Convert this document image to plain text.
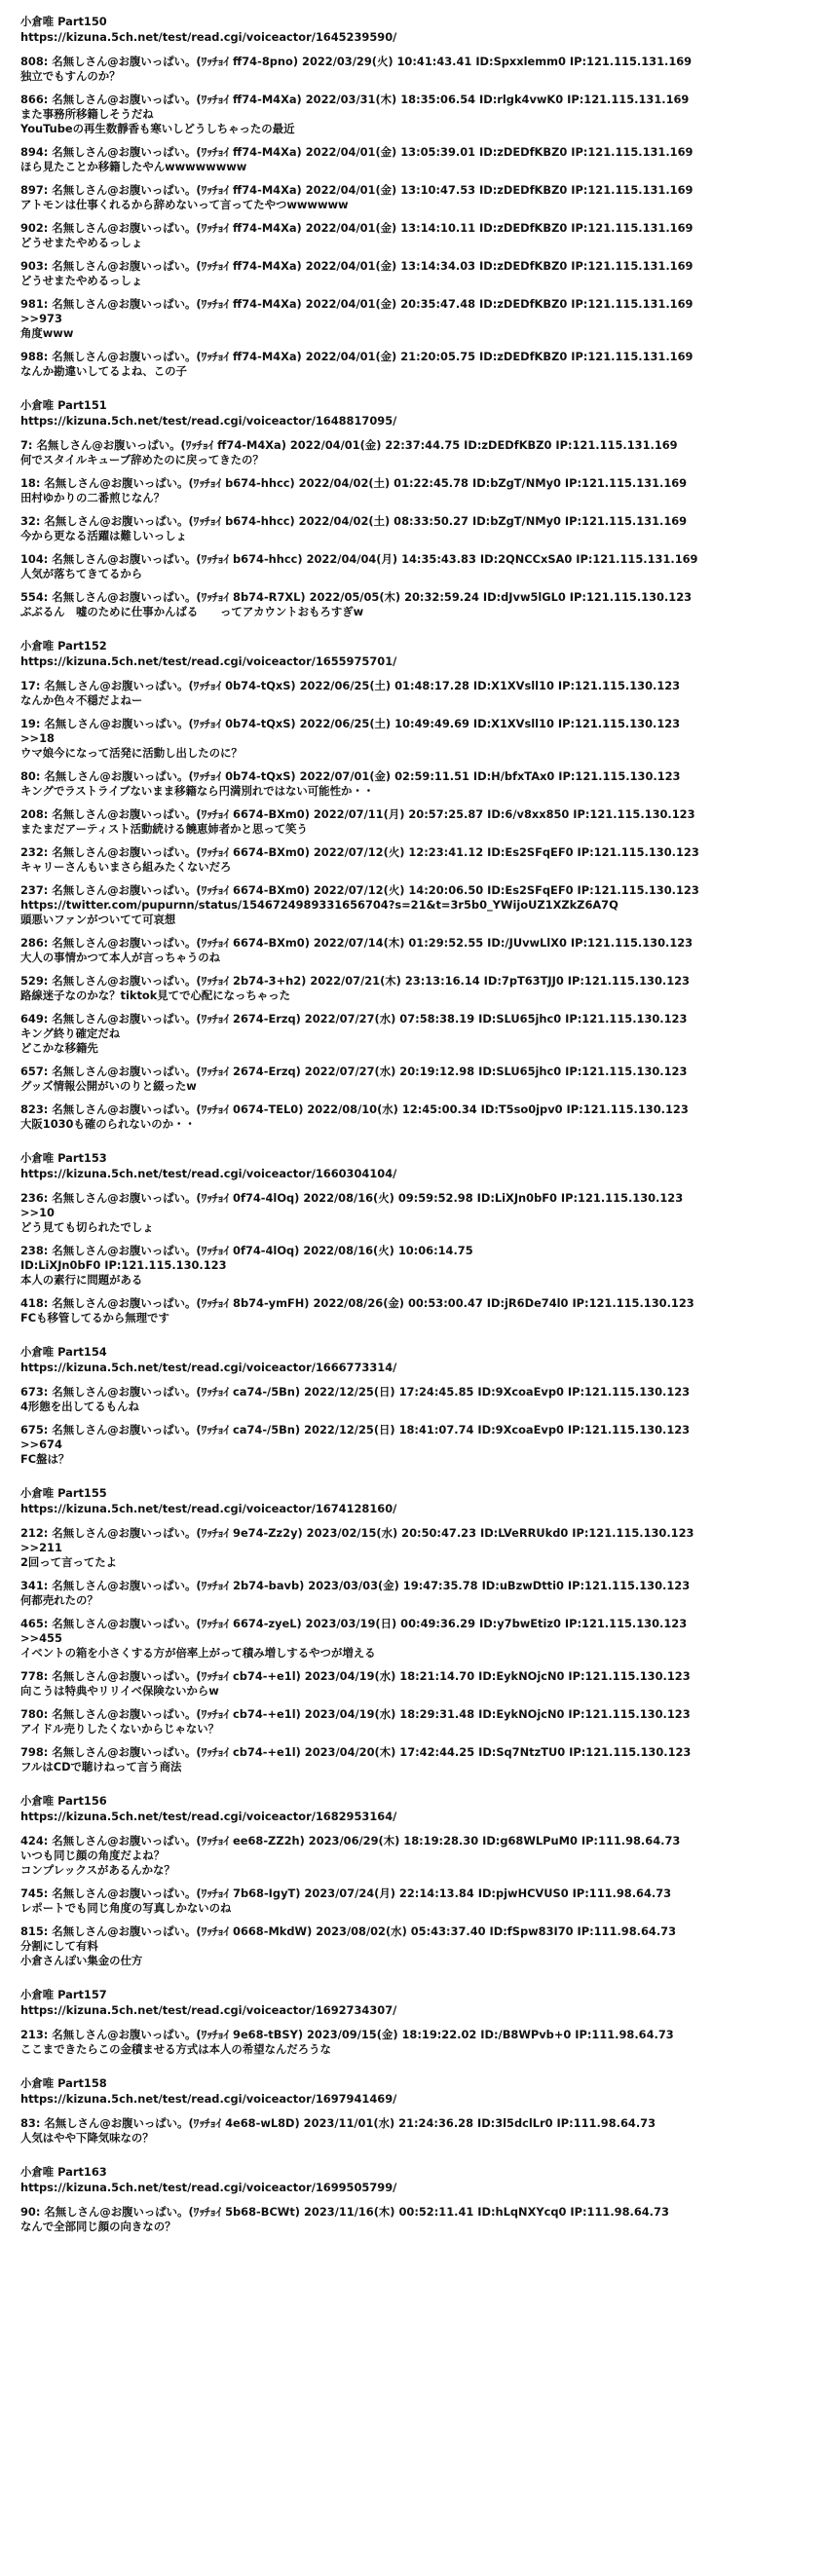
小倉唯 Part150
https://kizuna.5ch.net/test/read.cgi/voiceactor/1645239590/
808: 名無しさん@お腹いっぱい。(ﾜｯﾁｮｲ ff74-8pno) 2022/03/29(火) 10:41:43.41 ID:Spxxlemm0 IP:121.115.131.169
独立でもすんのか？
866: 名無しさん@お腹いっぱい。(ﾜｯﾁｮｲ ff74-M4Xa) 2022/03/31(木) 18:35:06.54 ID:rlgk4vwK0 IP:121.115.131.169
また事務所移籍しそうだね
YouTubeの再生数靜香も寒いしどうしちゃったの最近
894: 名無しさん@お腹いっぱい。(ﾜｯﾁｮｲ ff74-M4Xa) 2022/04/01(金) 13:05:39.01 ID:zDEDfKBZ0 IP:121.115.131.169
ほら見たことか移籍したやんwwwwwwww
897: 名無しさん@お腹いっぱい。(ﾜｯﾁｮｲ ff74-M4Xa) 2022/04/01(金) 13:10:47.53 ID:zDEDfKBZ0 IP:121.115.131.169
アトモンは仕事くれるから辞めないって言ってたやつwwwwww
902: 名無しさん@お腹いっぱい。(ﾜｯﾁｮｲ ff74-M4Xa) 2022/04/01(金) 13:14:10.11 ID:zDEDfKBZ0 IP:121.115.131.169
どうせまたやめるっしょ
903: 名無しさん@お腹いっぱい。(ﾜｯﾁｮｲ ff74-M4Xa) 2022/04/01(金) 13:14:34.03 ID:zDEDfKBZ0 IP:121.115.131.169
どうせまたやめるっしょ
981: 名無しさん@お腹いっぱい。(ﾜｯﾁｮｲ ff74-M4Xa) 2022/04/01(金) 20:35:47.48 ID:zDEDfKBZ0 IP:121.115.131.169
>>973
角度www
988: 名無しさん@お腹いっぱい。(ﾜｯﾁｮｲ ff74-M4Xa) 2022/04/01(金) 21:20:05.75 ID:zDEDfKBZ0 IP:121.115.131.169
なんか勘違いしてるよね、この子
小倉唯 Part151
https://kizuna.5ch.net/test/read.cgi/voiceactor/1648817095/
7: 名無しさん@お腹いっぱい。(ﾜｯﾁｮｲ ff74-M4Xa) 2022/04/01(金) 22:37:44.75 ID:zDEDfKBZ0 IP:121.115.131.169
何でスタイルキューブ辞めたのに戻ってきたの？
18: 名無しさん@お腹いっぱい。(ﾜｯﾁｮｲ b674-hhcc) 2022/04/02(土) 01:22:45.78 ID:bZgT/NMy0 IP:121.115.131.169
田村ゆかりの二番煎じなん？
32: 名無しさん@お腹いっぱい。(ﾜｯﾁｮｲ b674-hhcc) 2022/04/02(土) 08:33:50.27 ID:bZgT/NMy0 IP:121.115.131.169
今から更なる活躍は難しいっしょ
104: 名無しさん@お腹いっぱい。(ﾜｯﾁｮｲ b674-hhcc) 2022/04/04(月) 14:35:43.83 ID:2QNCCxSA0 IP:121.115.131.169
人気が落ちてきてるから
554: 名無しさん@お腹いっぱい。(ﾜｯﾁｮｲ 8b74-R7XL) 2022/05/05(木) 20:32:59.24 ID:dJvw5lGL0 IP:121.115.130.123
ぶぶるん　嘘のために仕事かんばる　　ってアカウントおもろすぎw
小倉唯 Part152
https://kizuna.5ch.net/test/read.cgi/voiceactor/1655975701/
17: 名無しさん@お腹いっぱい。(ﾜｯﾁｮｲ 0b74-tQxS) 2022/06/25(土) 01:48:17.28 ID:X1XVsll10 IP:121.115.130.123
なんか色々不穏だよねー
19: 名無しさん@お腹いっぱい。(ﾜｯﾁｮｲ 0b74-tQxS) 2022/06/25(土) 10:49:49.69 ID:X1XVsll10 IP:121.115.130.123
>>18
ウマ娘今になって活発に活動し出したのに？
80: 名無しさん@お腹いっぱい。(ﾜｯﾁｮｲ 0b74-tQxS) 2022/07/01(金) 02:59:11.51 ID:H/bfxTAx0 IP:121.115.130.123
キングでラストライブないまま移籍なら円満別れではない可能性か・・
208: 名無しさん@お腹いっぱい。(ﾜｯﾁｮｲ 6674-BXm0) 2022/07/11(月) 20:57:25.87 ID:6/v8xx850 IP:121.115.130.123
またまだアーティスト活動続ける饒恵姉者かと思って笑う
232: 名無しさん@お腹いっぱい。(ﾜｯﾁｮｲ 6674-BXm0) 2022/07/12(火) 12:23:41.12 ID:Es2SFqEF0 IP:121.115.130.123
キャリーさんもいまさら組みたくないだろ
237: 名無しさん@お腹いっぱい。(ﾜｯﾁｮｲ 6674-BXm0) 2022/07/12(火) 14:20:06.50 ID:Es2SFqEF0 IP:121.115.130.123
https://twitter.com/pupurnn/status/1546724989331656704?s=21&t=3r5b0_YWijoUZ1XZkZ6A7Q
頭悪いファンがついてて可哀想
286: 名無しさん@お腹いっぱい。(ﾜｯﾁｮｲ 6674-BXm0) 2022/07/14(木) 01:29:52.55 ID:/JUvwLlX0 IP:121.115.130.123
大人の事情かつて本人が言っちゃうのね
529: 名無しさん@お腹いっぱい。(ﾜｯﾁｮｲ 2b74-3+h2) 2022/07/21(木) 23:13:16.14 ID:7pT63TJJ0 IP:121.115.130.123
路線迷子なのかな？tiktok見てで心配になっちゃった
649: 名無しさん@お腹いっぱい。(ﾜｯﾁｮｲ 2674-Erzq) 2022/07/27(水) 07:58:38.19 ID:SLU65jhc0 IP:121.115.130.123
キング終り確定だね
どこかな移籍先
657: 名無しさん@お腹いっぱい。(ﾜｯﾁｮｲ 2674-Erzq) 2022/07/27(水) 20:19:12.98 ID:SLU65jhc0 IP:121.115.130.123
グッズ情報公開がいのりと綴ったw
823: 名無しさん@お腹いっぱい。(ﾜｯﾁｮｲ 0674-TEL0) 2022/08/10(水) 12:45:00.34 ID:T5so0jpv0 IP:121.115.130.123
大阪1030も確のられないのか・・
小倉唯 Part153
https://kizuna.5ch.net/test/read.cgi/voiceactor/1660304104/
236: 名無しさん@お腹いっぱい。(ﾜｯﾁｮｲ 0f74-4lOq) 2022/08/16(火) 09:59:52.98 ID:LiXJn0bF0 IP:121.115.130.123
>>10
どう見ても切られたでしょ
238: 名無しさん@お腹いっぱい。(ﾜｯﾁｮｲ 0f74-4lOq) 2022/08/16(火) 10:06:14.75
ID:LiXJn0bF0 IP:121.115.130.123
本人の素行に問題がある
418: 名無しさん@お腹いっぱい。(ﾜｯﾁｮｲ 8b74-ymFH) 2022/08/26(金) 00:53:00.47 ID:jR6De74l0 IP:121.115.130.123
FCも移管してるから無理です
小倉唯 Part154
https://kizuna.5ch.net/test/read.cgi/voiceactor/1666773314/
673: 名無しさん@お腹いっぱい。(ﾜｯﾁｮｲ ca74-/5Bn) 2022/12/25(日) 17:24:45.85 ID:9XcoaEvp0 IP:121.115.130.123
4形態を出してるもんね
675: 名無しさん@お腹いっぱい。(ﾜｯﾁｮｲ ca74-/5Bn) 2022/12/25(日) 18:41:07.74 ID:9XcoaEvp0 IP:121.115.130.123
>>674
FC盤は？
小倉唯 Part155
https://kizuna.5ch.net/test/read.cgi/voiceactor/1674128160/
212: 名無しさん@お腹いっぱい。(ﾜｯﾁｮｲ 9e74-Zz2y) 2023/02/15(水) 20:50:47.23 ID:LVeRRUkd0 IP:121.115.130.123
>>211
2回って言ってたよ
341: 名無しさん@お腹いっぱい。(ﾜｯﾁｮｲ 2b74-bavb) 2023/03/03(金) 19:47:35.78 ID:uBzwDtti0 IP:121.115.130.123
何都売れたの？
465: 名無しさん@お腹いっぱい。(ﾜｯﾁｮｲ 6674-zyeL) 2023/03/19(日) 00:49:36.29 ID:y7bwEtiz0 IP:121.115.130.123
>>455
イベントの箱を小さくする方が倍率上がって積み増しするやつが増える
778: 名無しさん@お腹いっぱい。(ﾜｯﾁｮｲ cb74-+e1l) 2023/04/19(水) 18:21:14.70 ID:EykNOjcN0 IP:121.115.130.123
向こうは特典やリリイベ保険ないからw
780: 名無しさん@お腹いっぱい。(ﾜｯﾁｮｲ cb74-+e1l) 2023/04/19(水) 18:29:31.48 ID:EykNOjcN0 IP:121.115.130.123
アイドル売りしたくないからじゃない？
798: 名無しさん@お腹いっぱい。(ﾜｯﾁｮｲ cb74-+e1l) 2023/04/20(木) 17:42:44.25 ID:Sq7NtzTU0 IP:121.115.130.123
フルはCDで聴けねって言う商法
小倉唯 Part156
https://kizuna.5ch.net/test/read.cgi/voiceactor/1682953164/
424: 名無しさん@お腹いっぱい。(ﾜｯﾁｮｲ ee68-ZZ2h) 2023/06/29(木) 18:19:28.30 ID:g68WLPuM0 IP:111.98.64.73
いつも同じ顔の角度だよね？
コンプレックスがあるんかな？
745: 名無しさん@お腹いっぱい。(ﾜｯﾁｮｲ 7b68-IgyT) 2023/07/24(月) 22:14:13.84 ID:pjwHCVUS0 IP:111.98.64.73
レポートでも同じ角度の写真しかないのね
815: 名無しさん@お腹いっぱい。(ﾜｯﾁｮｲ 0668-MkdW) 2023/08/02(水) 05:43:37.40 ID:fSpw83I70 IP:111.98.64.73
分割にして有料
小倉さんぽい集金の仕方
小倉唯 Part157
https://kizuna.5ch.net/test/read.cgi/voiceactor/1692734307/
213: 名無しさん@お腹いっぱい。(ﾜｯﾁｮｲ 9e68-tBSY) 2023/09/15(金) 18:19:22.02 ID:/B8WPvb+0 IP:111.98.64.73
ここまできたらこの金積ませる方式は本人の希望なんだろうな
小倉唯 Part158
https://kizuna.5ch.net/test/read.cgi/voiceactor/1697941469/
83: 名無しさん@お腹いっぱい。(ﾜｯﾁｮｲ 4e68-wL8D) 2023/11/01(水) 21:24:36.28 ID:3l5dclLr0 IP:111.98.64.73
人気はやや下降気味なの？
小倉唯 Part163
https://kizuna.5ch.net/test/read.cgi/voiceactor/1699505799/
90: 名無しさん@お腹いっぱい。(ﾜｯﾁｮｲ 5b68-BCWt) 2023/11/16(木) 00:52:11.41 ID:hLqNXYcq0 IP:111.98.64.73
なんで全部同じ顔の向きなの？
